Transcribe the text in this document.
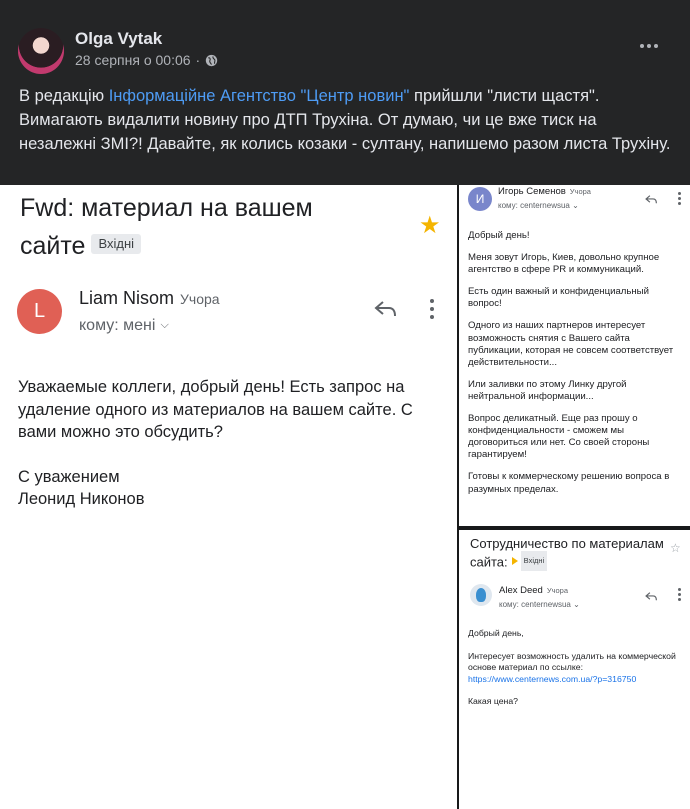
Olga Vytak
28 серпня о 00:06 ·
В редакцію Інформаційне Агентство "Центр новин" прийшли "листи щастя". Вимагають видалити новину про ДТП Трухіна. От думаю, чи це вже тиск на незалежні ЗМІ?! Давайте, як колись козаки - султану, напишемо разом листа Трухіну.
Fwd: материал на вашем сайте Вхідні
★
L
Liam Nisom Учора
кому: мені ⌵

Уважаемые коллеги, добрый день! Есть запрос на удаление одного из материалов на вашем сайте. С вами можно это обсудить?

С уважением
Леонид Никонов
И
Игорь Семенов Учора
кому: centernewsua ⌄

Добрый день!

Меня зовут Игорь, Киев, довольно крупное агентство в сфере PR и коммуникаций.

Есть один важный и конфиденциальный вопрос!

Одного из наших партнеров интересует возможность снятия с Вашего сайта публикации, которая не совсем соответствует действительности...

Или заливки по этому Линку другой нейтральной информации...

Вопрос деликатный. Еще раз прошу о конфиденциальности - сможем мы договориться или нет. Со своей стороны гарантируем!

Готовы к коммерческому решению вопроса в разумных пределах.

Сотрудничество по материалам сайта: Вхідні
☆
Alex Deed Учора
кому: centernewsua ⌄

Добрый день,

Интересует возможность удалить на коммерческой основе материал по ссылке:
https://www.centernews.com.ua/?p=316750

Какая цена?
